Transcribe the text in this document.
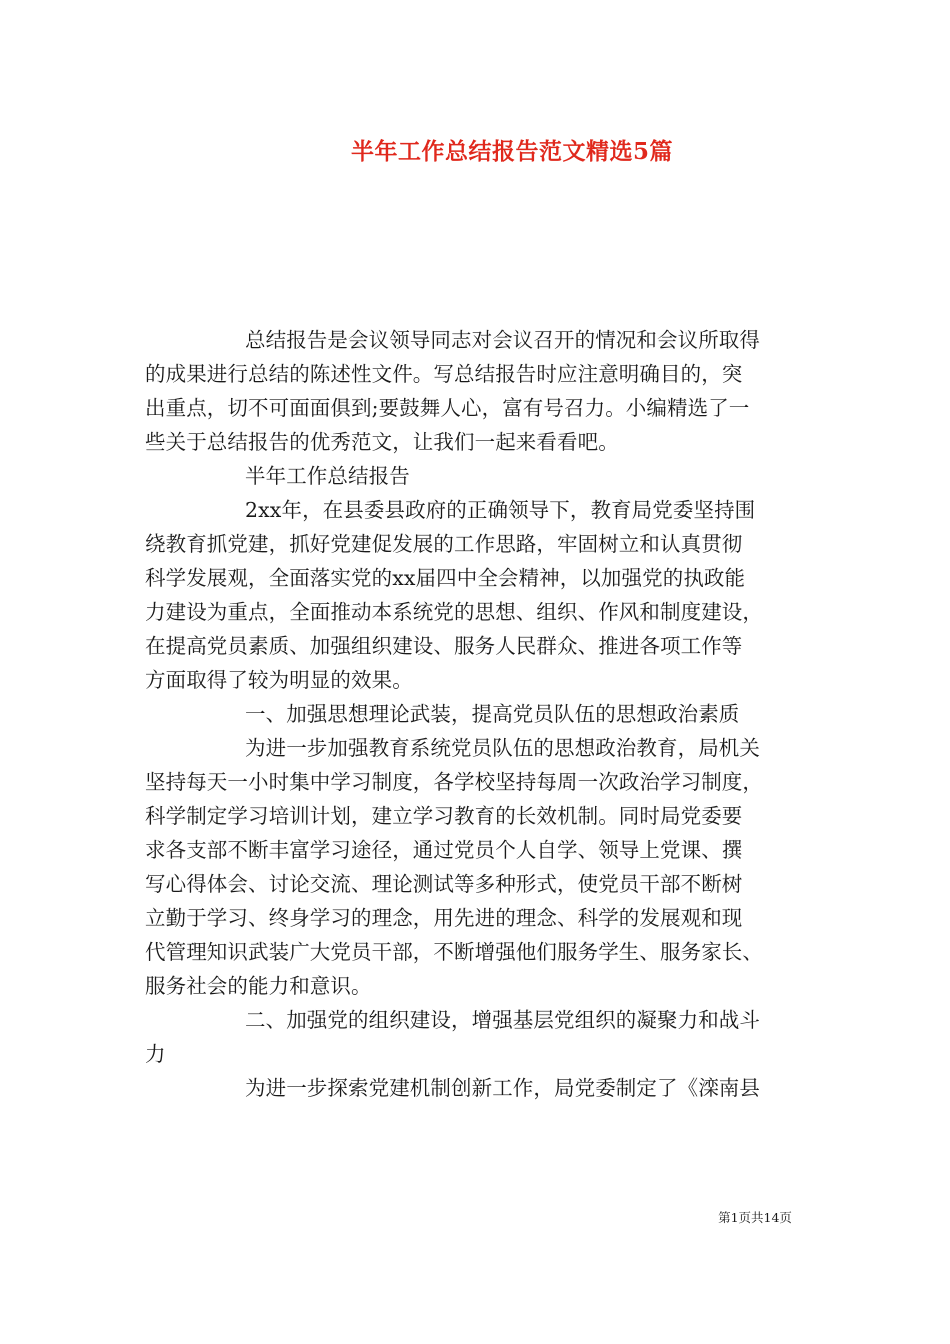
半年工作总结报告范文精选5篇
总结报告是会议领导同志对会议召开的情况和会议所取得
的成果进行总结的陈述性文件。写总结报告时应注意明确目的，突
出重点，切不可面面俱到;要鼓舞人心，富有号召力。小编精选了一
些关于总结报告的优秀范文，让我们一起来看看吧。
半年工作总结报告
2xx年，在县委县政府的正确领导下，教育局党委坚持围
绕教育抓党建，抓好党建促发展的工作思路，牢固树立和认真贯彻
科学发展观，全面落实党的xx届四中全会精神，以加强党的执政能
力建设为重点，全面推动本系统党的思想、组织、作风和制度建设，
在提高党员素质、加强组织建设、服务人民群众、推进各项工作等
方面取得了较为明显的效果。
一、加强思想理论武装，提高党员队伍的思想政治素质
为进一步加强教育系统党员队伍的思想政治教育，局机关
坚持每天一小时集中学习制度，各学校坚持每周一次政治学习制度，
科学制定学习培训计划，建立学习教育的长效机制。同时局党委要
求各支部不断丰富学习途径，通过党员个人自学、领导上党课、撰
写心得体会、讨论交流、理论测试等多种形式，使党员干部不断树
立勤于学习、终身学习的理念，用先进的理念、科学的发展观和现
代管理知识武装广大党员干部，不断增强他们服务学生、服务家长、
服务社会的能力和意识。
二、加强党的组织建设，增强基层党组织的凝聚力和战斗
力
为进一步探索党建机制创新工作，局党委制定了《滦南县
第1页共14页
